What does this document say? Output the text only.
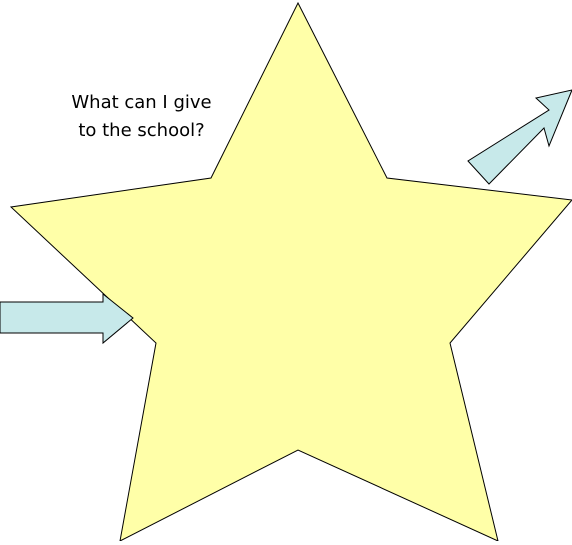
What can I give
to the school?
